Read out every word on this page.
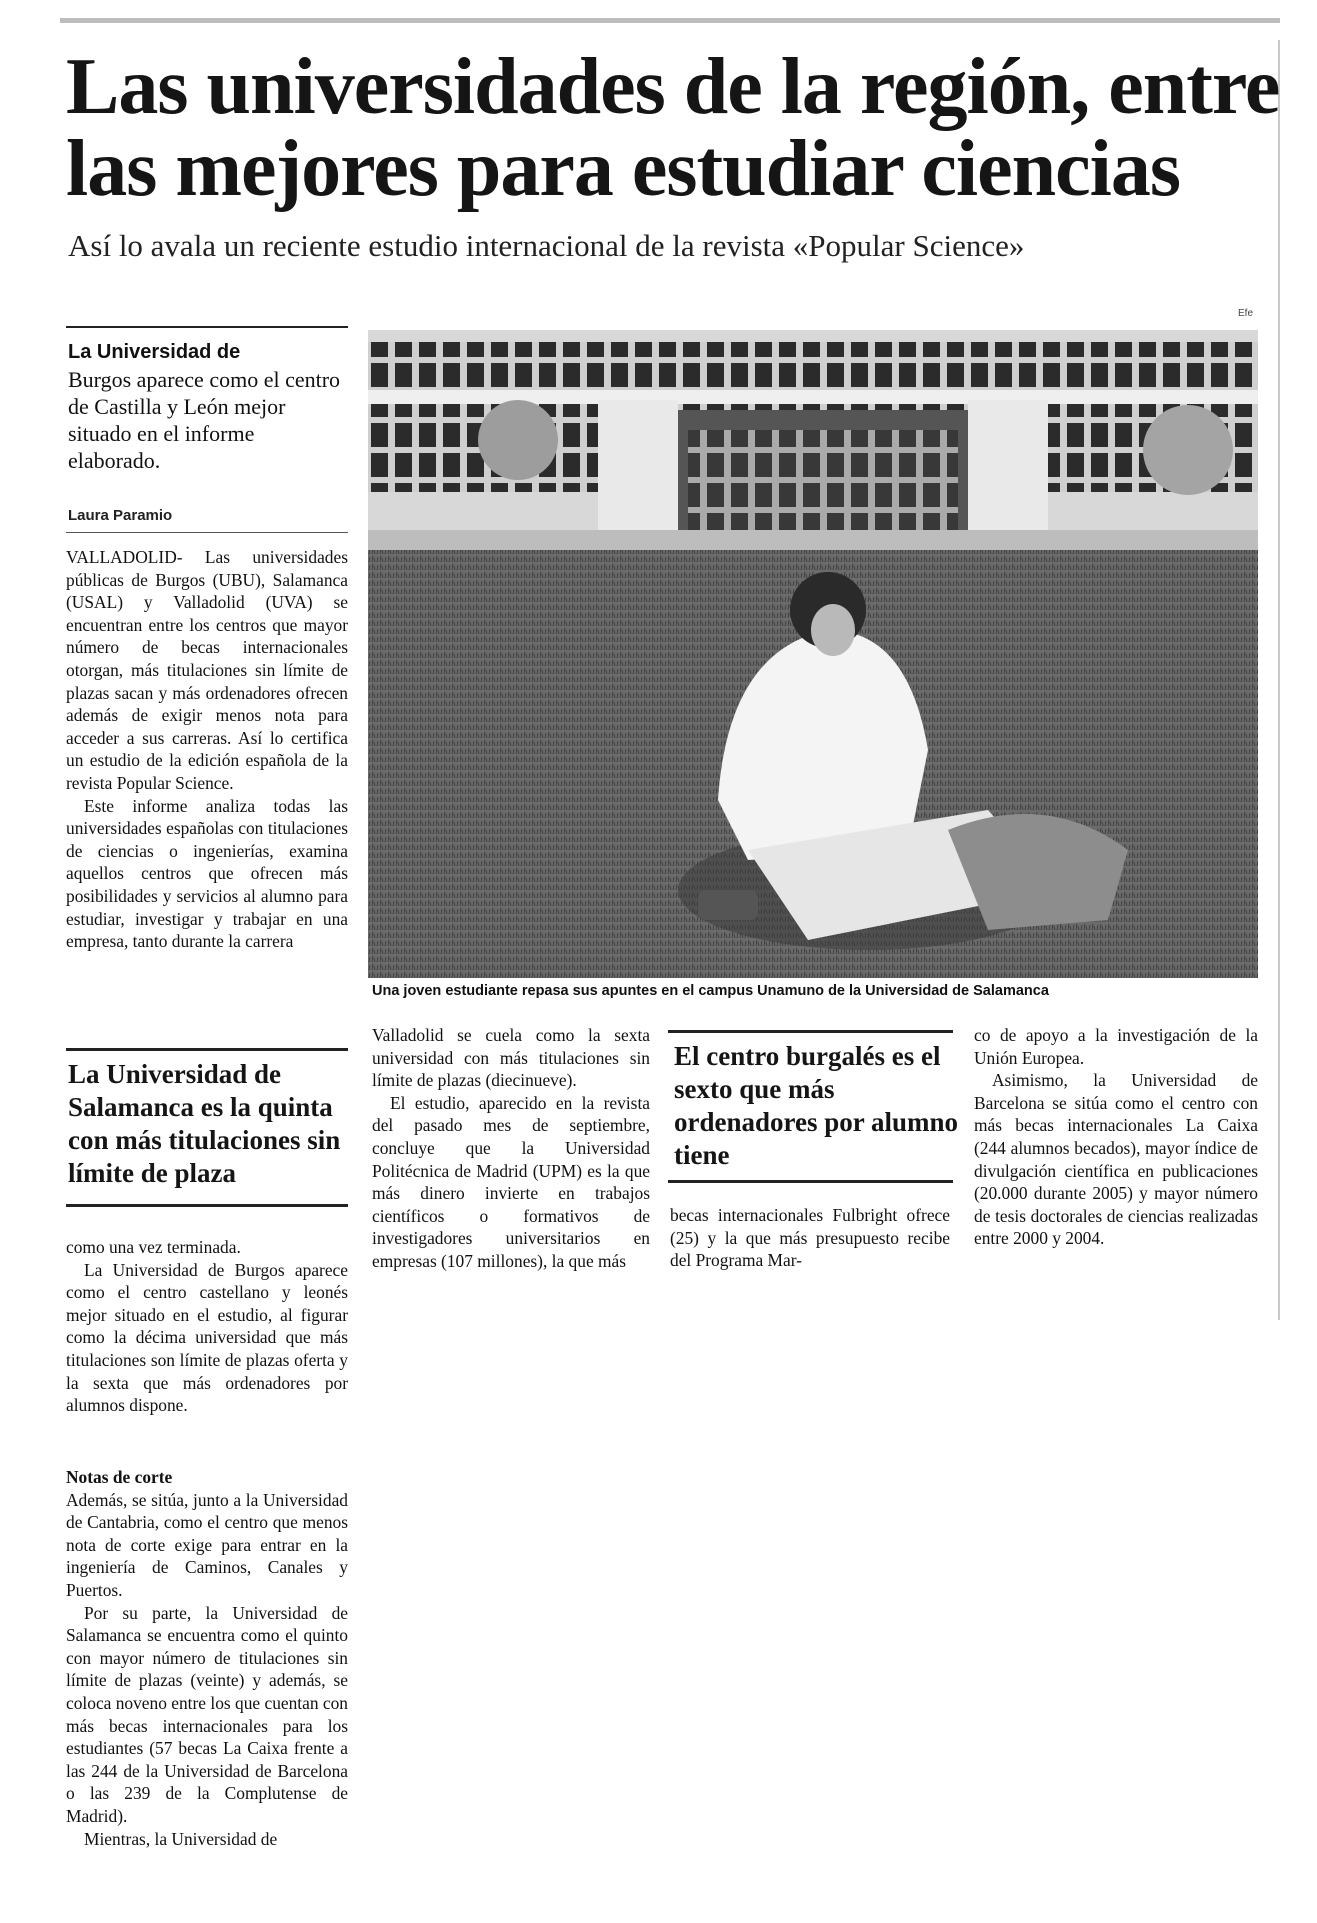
Las universidades de la región, entre
las mejores para estudiar ciencias

Así lo avala un reciente estudio internacional de la revista «Popular Science»

Efe
La Universidad de
Burgos aparece como el centro de Castilla y León mejor situado en el informe elaborado.
Laura Paramio

VALLADOLID- Las universidades públicas de Burgos (UBU), Salamanca (USAL) y Valladolid (UVA) se encuentran entre los centros que mayor número de becas internacionales otorgan, más titulaciones sin límite de plazas sacan y más ordenadores ofrecen además de exigir menos nota para acceder a sus carreras. Así lo certifica un estudio de la edición española de la revista Popular Science.

Este informe analiza todas las universidades españolas con titulaciones de ciencias o ingenierías, examina aquellos centros que ofrecen más posibilidades y servicios al alumno para estudiar, investigar y trabajar en una empresa, tanto durante la carrera

La Universidad de Salamanca es la quinta con más titulaciones sin límite de plaza

como una vez terminada.

La Universidad de Burgos aparece como el centro castellano y leonés mejor situado en el estudio, al figurar como la décima universidad que más titulaciones son límite de plazas oferta y la sexta que más ordenadores por alumnos dispone.

Notas de corte

Además, se sitúa, junto a la Universidad de Cantabria, como el centro que menos nota de corte exige para entrar en la ingeniería de Caminos, Canales y Puertos.

Por su parte, la Universidad de Salamanca se encuentra como el quinto con mayor número de titulaciones sin límite de plazas (veinte) y además, se coloca noveno entre los que cuentan con más becas internacionales para los estudiantes (57 becas La Caixa frente a las 244 de la Universidad de Barcelona o las 239 de la Complutense de Madrid).

Mientras, la Universidad de

Una joven estudiante repasa sus apuntes en el campus Unamuno de la Universidad de Salamanca

Valladolid se cuela como la sexta universidad con más titulaciones sin límite de plazas (diecinueve).

El estudio, aparecido en la revista del pasado mes de septiembre, concluye que la Universidad Politécnica de Madrid (UPM) es la que más dinero invierte en trabajos científicos o formativos de investigadores universitarios en empresas (107 millones), la que más

El centro burgalés es el sexto que más ordenadores por alumno tiene

becas internacionales Fulbright ofrece (25) y la que más presupuesto recibe del Programa Mar-

co de apoyo a la investigación de la Unión Europea.

Asimismo, la Universidad de Barcelona se sitúa como el centro con más becas internacionales La Caixa (244 alumnos becados), mayor índice de divulgación científica en publicaciones (20.000 durante 2005) y mayor número de tesis doctorales de ciencias realizadas entre 2000 y 2004.
